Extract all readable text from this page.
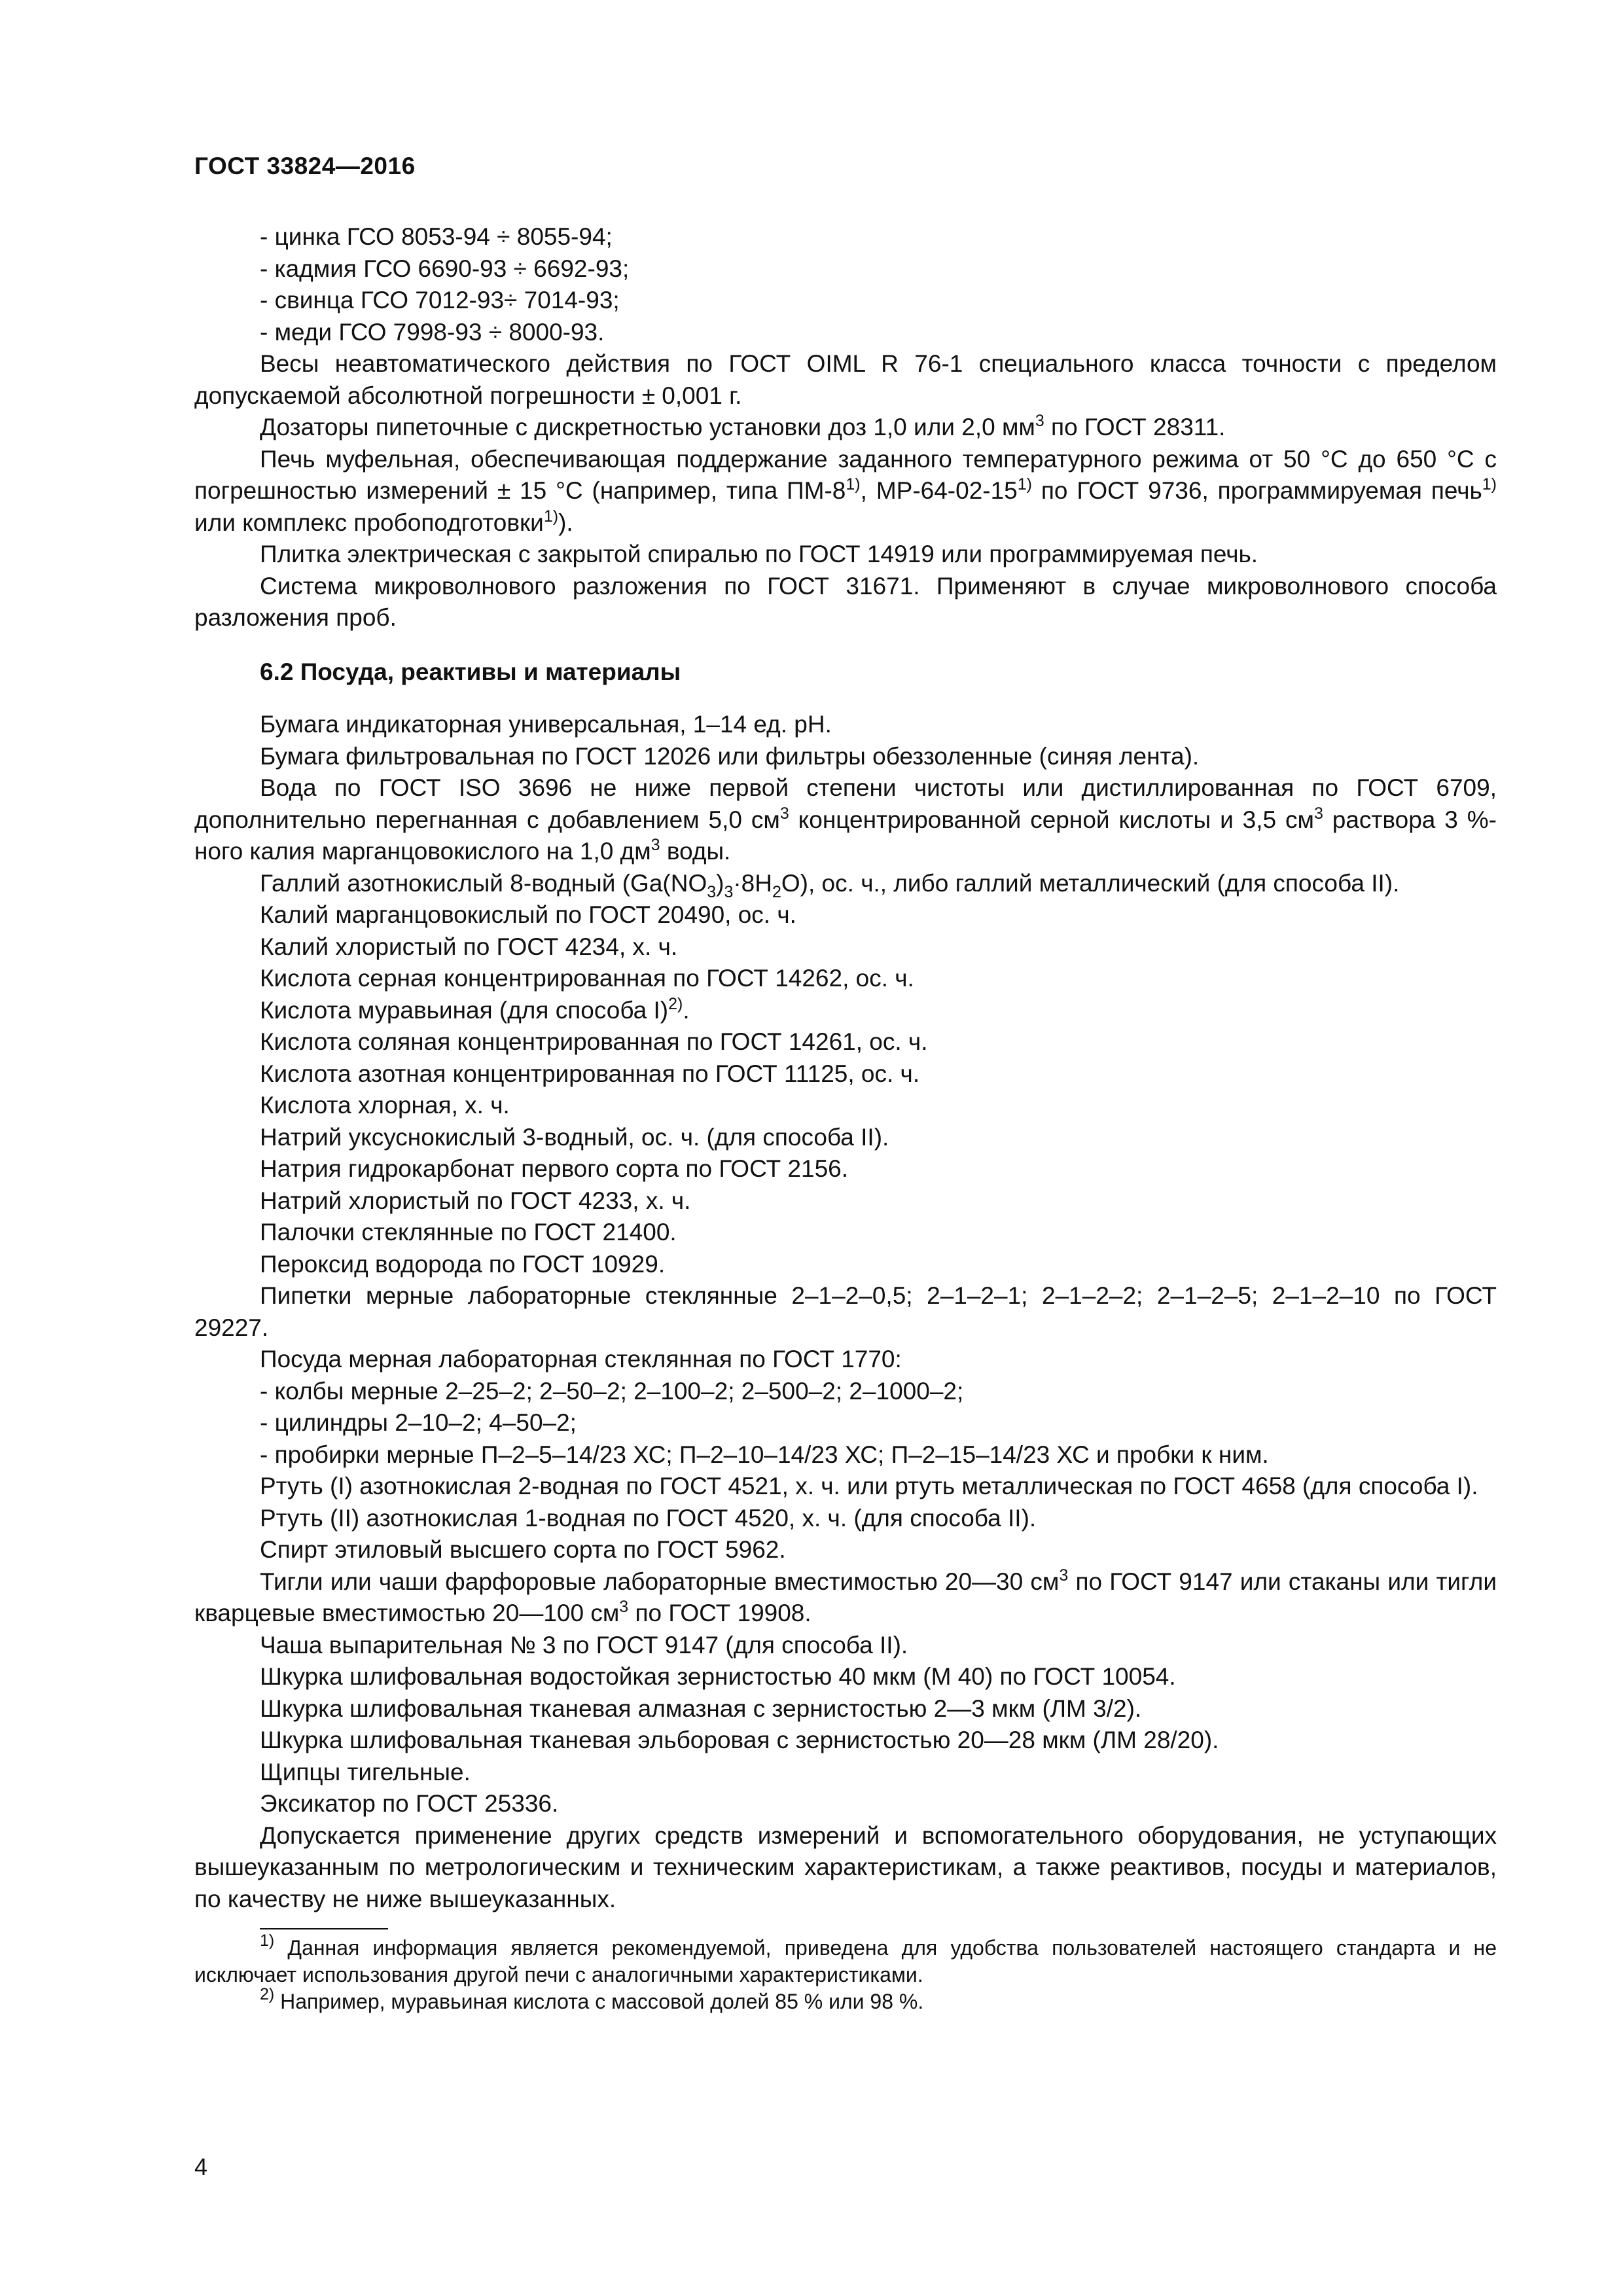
ГОСТ 33824—2016
- цинка ГСО 8053-94 ÷ 8055-94;
- кадмия ГСО 6690-93 ÷ 6692-93;
- свинца ГСО 7012-93÷ 7014-93;
- меди ГСО 7998-93 ÷ 8000-93.
Весы неавтоматического действия по ГОСТ OIML R 76-1 специального класса точности с пределом допускаемой абсолютной погрешности ± 0,001 г.
Дозаторы пипеточные с дискретностью установки доз 1,0 или 2,0 $мм^3$ по ГОСТ 28311.
Печь муфельная, обеспечивающая поддержание заданного температурного режима от 50 °С до 650 °С с погрешностью измерений ± 15 °С (например, типа ПМ-8$^{1)}$, МР-64-02-15$^{1)}$ по ГОСТ 9736, программируемая печь$^{1)}$ или комплекс пробоподготовки$^{1)}$).
Плитка электрическая с закрытой спиралью по ГОСТ 14919 или программируемая печь.
Система микроволнового разложения по ГОСТ 31671. Применяют в случае микроволнового способа разложения проб.
6.2 Посуда, реактивы и материалы
Бумага индикаторная универсальная, 1–14 ед. рН.
Бумага фильтровальная по ГОСТ 12026 или фильтры обеззоленные (синяя лента).
Вода по ГОСТ ISO 3696 не ниже первой степени чистоты или дистиллированная по ГОСТ 6709, дополнительно перегнанная с добавлением 5,0 $см^3$ концентрированной серной кислоты и 3,5 $см^3$ раствора 3 %-ного калия марганцовокислого на 1,0 $дм^3$ воды.
Галлий азотнокислый 8-водный $(Ga(NO_3)_3\cdot 8H_2O)$, ос. ч., либо галлий металлический (для способа II).
Калий марганцовокислый по ГОСТ 20490, ос. ч.
Калий хлористый по ГОСТ 4234, х. ч.
Кислота серная концентрированная по ГОСТ 14262, ос. ч.
Кислота муравьиная (для способа I)$^{2)}$.
Кислота соляная концентрированная по ГОСТ 14261, ос. ч.
Кислота азотная концентрированная по ГОСТ 11125, ос. ч.
Кислота хлорная, х. ч.
Натрий уксуснокислый 3-водный, ос. ч. (для способа II).
Натрия гидрокарбонат первого сорта по ГОСТ 2156.
Натрий хлористый по ГОСТ 4233, х. ч.
Палочки стеклянные по ГОСТ 21400.
Пероксид водорода по ГОСТ 10929.
Пипетки мерные лабораторные стеклянные 2–1–2–0,5; 2–1–2–1; 2–1–2–2; 2–1–2–5; 2–1–2–10 по ГОСТ 29227.
Посуда мерная лабораторная стеклянная по ГОСТ 1770:
- колбы мерные 2–25–2; 2–50–2; 2–100–2; 2–500–2; 2–1000–2;
- цилиндры 2–10–2; 4–50–2;
- пробирки мерные П–2–5–14/23 ХС; П–2–10–14/23 ХС; П–2–15–14/23 ХС и пробки к ним.
Ртуть (I) азотнокислая 2-водная по ГОСТ 4521, х. ч. или ртуть металлическая по ГОСТ 4658 (для способа I).
Ртуть (II) азотнокислая 1-водная по ГОСТ 4520, х. ч. (для способа II).
Спирт этиловый высшего сорта по ГОСТ 5962.
Тигли или чаши фарфоровые лабораторные вместимостью 20—30 $см^3$ по ГОСТ 9147 или стаканы или тигли кварцевые вместимостью 20—100 $см^3$ по ГОСТ 19908.
Чаша выпарительная № 3 по ГОСТ 9147 (для способа II).
Шкурка шлифовальная водостойкая зернистостью 40 мкм (М 40) по ГОСТ 10054.
Шкурка шлифовальная тканевая алмазная с зернистостью 2—3 мкм (ЛМ 3/2).
Шкурка шлифовальная тканевая эльборовая с зернистостью 20—28 мкм (ЛМ 28/20).
Щипцы тигельные.
Эксикатор по ГОСТ 25336.
Допускается применение других средств измерений и вспомогательного оборудования, не уступающих вышеуказанным по метрологическим и техническим характеристикам, а также реактивов, посуды и материалов, по качеству не ниже вышеуказанных.
$^{1)}$ Данная информация является рекомендуемой, приведена для удобства пользователей настоящего стандарта и не исключает использования другой печи с аналогичными характеристиками.
$^{2)}$ Например, муравьиная кислота с массовой долей 85 % или 98 %.
4
